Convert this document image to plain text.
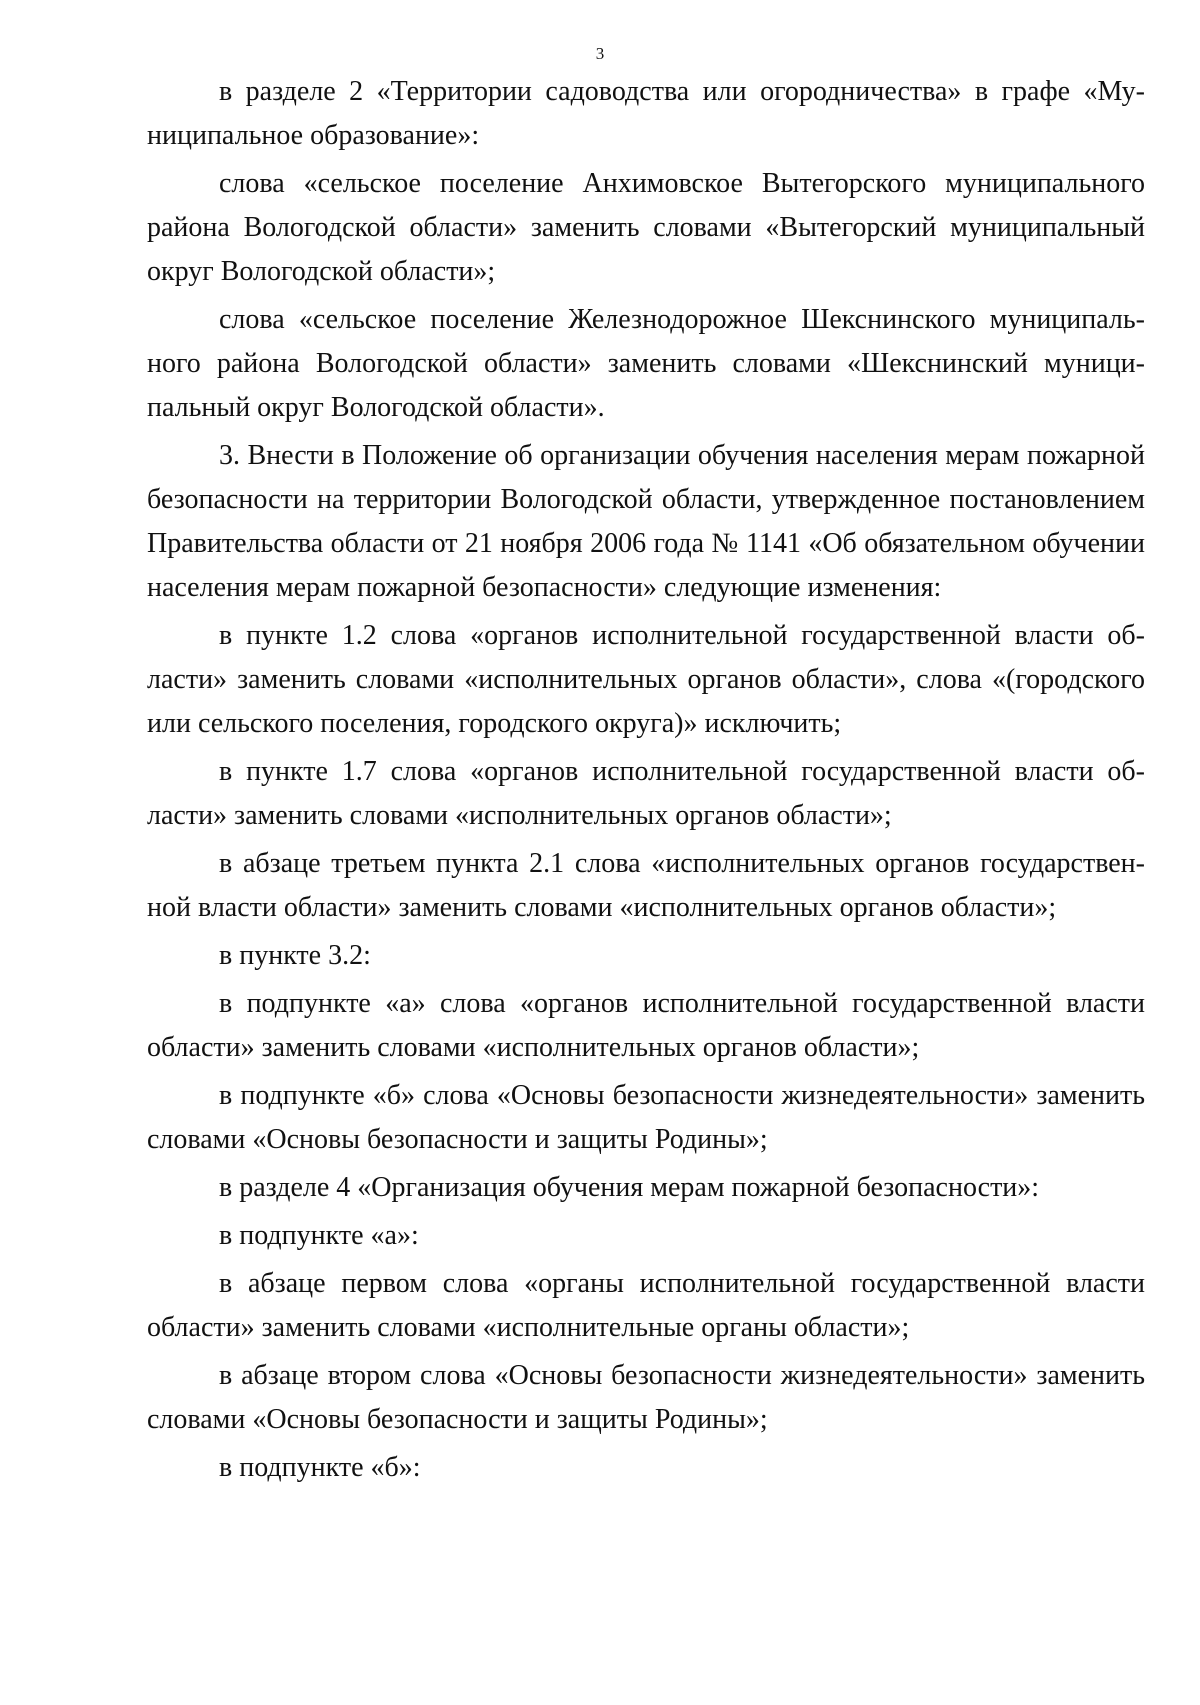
3

в разделе 2 «Территории садоводства или огородничества» в графе «Муниципальное образование»:

слова «сельское поселение Анхимовское Вытегорского муниципального района Вологодской области» заменить словами «Вытегорский муниципальный округ Вологодской области»;

слова «сельское поселение Железнодорожное Шекснинского муниципального района Вологодской области» заменить словами «Шекснинский муниципальный округ Вологодской области».

3. Внести в Положение об организации обучения населения мерам пожарной безопасности на территории Вологодской области, утвержденное постановлением Правительства области от 21 ноября 2006 года № 1141 «Об обязательном обучении населения мерам пожарной безопасности» следующие изменения:

в пункте 1.2 слова «органов исполнительной государственной власти области» заменить словами «исполнительных органов области», слова «(городского или сельского поселения, городского округа)» исключить;

в пункте 1.7 слова «органов исполнительной государственной власти области» заменить словами «исполнительных органов области»;

в абзаце третьем пункта 2.1 слова «исполнительных органов государственной власти области» заменить словами «исполнительных органов области»;

в пункте 3.2:

в подпункте «а» слова «органов исполнительной государственной власти области» заменить словами «исполнительных органов области»;

в подпункте «б» слова «Основы безопасности жизнедеятельности» заменить словами «Основы безопасности и защиты Родины»;

в разделе 4 «Организация обучения мерам пожарной безопасности»:

в подпункте «а»:

в абзаце первом слова «органы исполнительной государственной власти области» заменить словами «исполнительные органы области»;

в абзаце втором слова «Основы безопасности жизнедеятельности» заменить словами «Основы безопасности и защиты Родины»;

в подпункте «б»:
